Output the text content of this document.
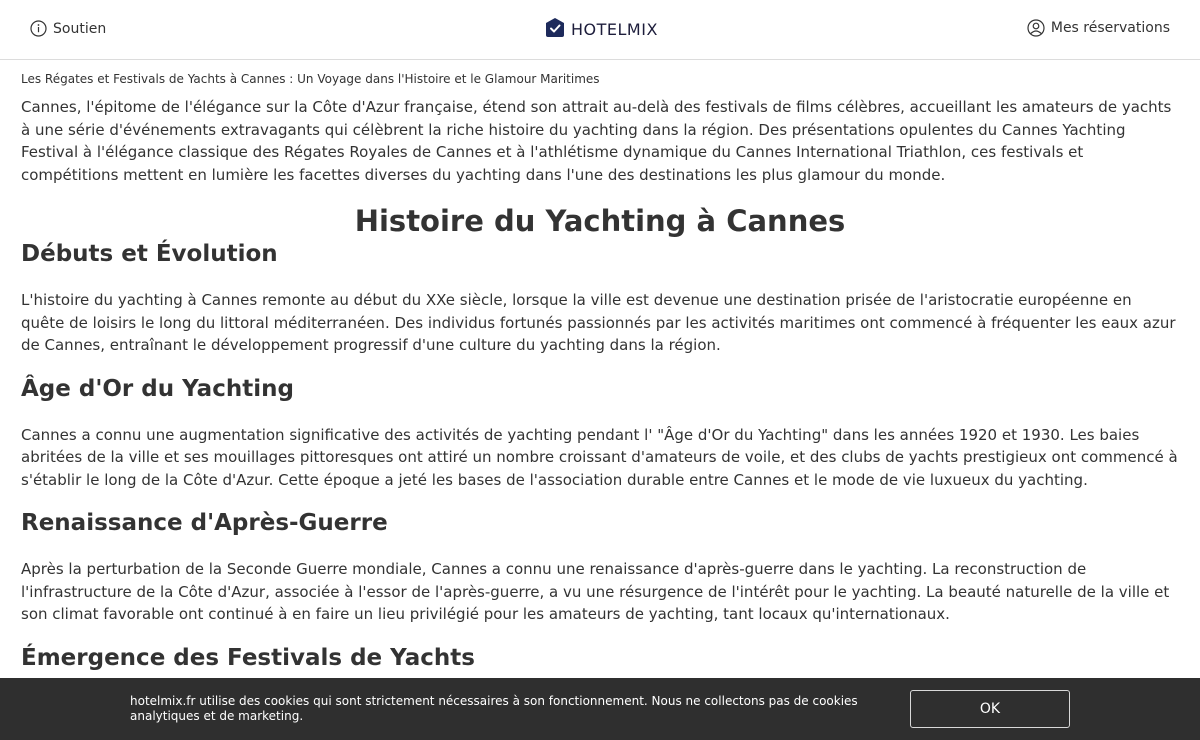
Soutien	HOTELMIX	Mes réservations
Les Régates et Festivals de Yachts à Cannes : Un Voyage dans l'Histoire et le Glamour Maritimes

Cannes, l'épitome de l'élégance sur la Côte d'Azur française, étend son attrait au-delà des festivals de films célèbres, accueillant les amateurs de yachts à une série d'événements extravagants qui célèbrent la riche histoire du yachting dans la région. Des présentations opulentes du Cannes Yachting Festival à l'élégance classique des Régates Royales de Cannes et à l'athlétisme dynamique du Cannes International Triathlon, ces festivals et compétitions mettent en lumière les facettes diverses du yachting dans l'une des destinations les plus glamour du monde.

Histoire du Yachting à Cannes
Débuts et Évolution

L'histoire du yachting à Cannes remonte au début du XXe siècle, lorsque la ville est devenue une destination prisée de l'aristocratie européenne en quête de loisirs le long du littoral méditerranéen. Des individus fortunés passionnés par les activités maritimes ont commencé à fréquenter les eaux azur de Cannes, entraînant le développement progressif d'une culture du yachting dans la région.

Âge d'Or du Yachting

Cannes a connu une augmentation significative des activités de yachting pendant l' "Âge d'Or du Yachting" dans les années 1920 et 1930. Les baies abritées de la ville et ses mouillages pittoresques ont attiré un nombre croissant d'amateurs de voile, et des clubs de yachts prestigieux ont commencé à s'établir le long de la Côte d'Azur. Cette époque a jeté les bases de l'association durable entre Cannes et le mode de vie luxueux du yachting.

Renaissance d'Après-Guerre

Après la perturbation de la Seconde Guerre mondiale, Cannes a connu une renaissance d'après-guerre dans le yachting. La reconstruction de l'infrastructure de la Côte d'Azur, associée à l'essor de l'après-guerre, a vu une résurgence de l'intérêt pour le yachting. La beauté naturelle de la ville et son climat favorable ont continué à en faire un lieu privilégié pour les amateurs de yachting, tant locaux qu'internationaux.

Émergence des Festivals de Yachts
hotelmix.fr utilise des cookies qui sont strictement nécessaires à son fonctionnement. Nous ne collectons pas de cookies analytiques et de marketing.	OK
